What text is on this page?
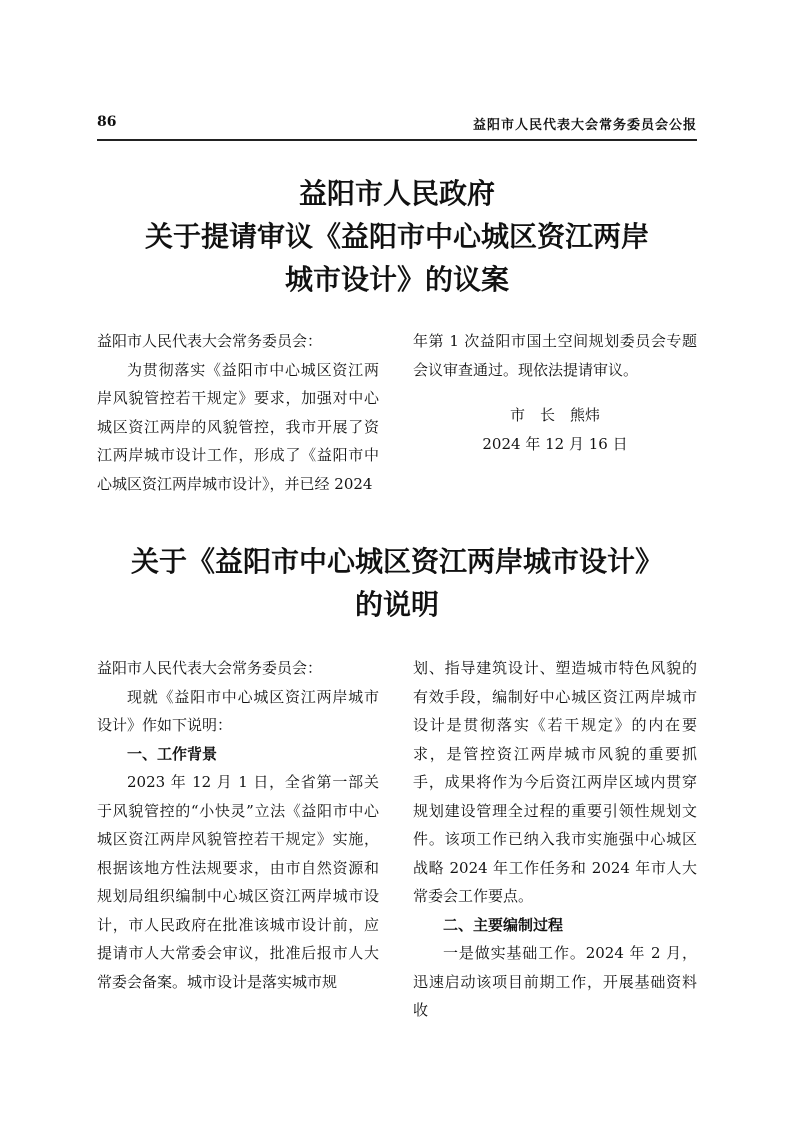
86	益阳市人民代表大会常务委员会公报
益阳市人民政府
关于提请审议《益阳市中心城区资江两岸
城市设计》的议案

益阳市人民代表大会常务委员会：

为贯彻落实《益阳市中心城区资江两岸风貌管控若干规定》要求，加强对中心城区资江两岸的风貌管控，我市开展了资江两岸城市设计工作，形成了《益阳市中心城区资江两岸城市设计》，并已经 2024

年第 1 次益阳市国土空间规划委员会专题会议审查通过。现依法提请审议。

市　长　熊炜

2024 年 12 月 16 日

关于《益阳市中心城区资江两岸城市设计》
的说明

益阳市人民代表大会常务委员会：

现就《益阳市中心城区资江两岸城市设计》作如下说明：

一、工作背景

2023 年 12 月 1 日，全省第一部关于风貌管控的“小快灵”立法《益阳市中心城区资江两岸风貌管控若干规定》实施，根据该地方性法规要求，由市自然资源和规划局组织编制中心城区资江两岸城市设计，市人民政府在批准该城市设计前，应提请市人大常委会审议，批准后报市人大常委会备案。城市设计是落实城市规

划、指导建筑设计、塑造城市特色风貌的有效手段，编制好中心城区资江两岸城市设计是贯彻落实《若干规定》的内在要求，是管控资江两岸城市风貌的重要抓手，成果将作为今后资江两岸区域内贯穿规划建设管理全过程的重要引领性规划文件。该项工作已纳入我市实施强中心城区战略 2024 年工作任务和 2024 年市人大常委会工作要点。

二、主要编制过程

一是做实基础工作。2024 年 2 月，迅速启动该项目前期工作，开展基础资料收
